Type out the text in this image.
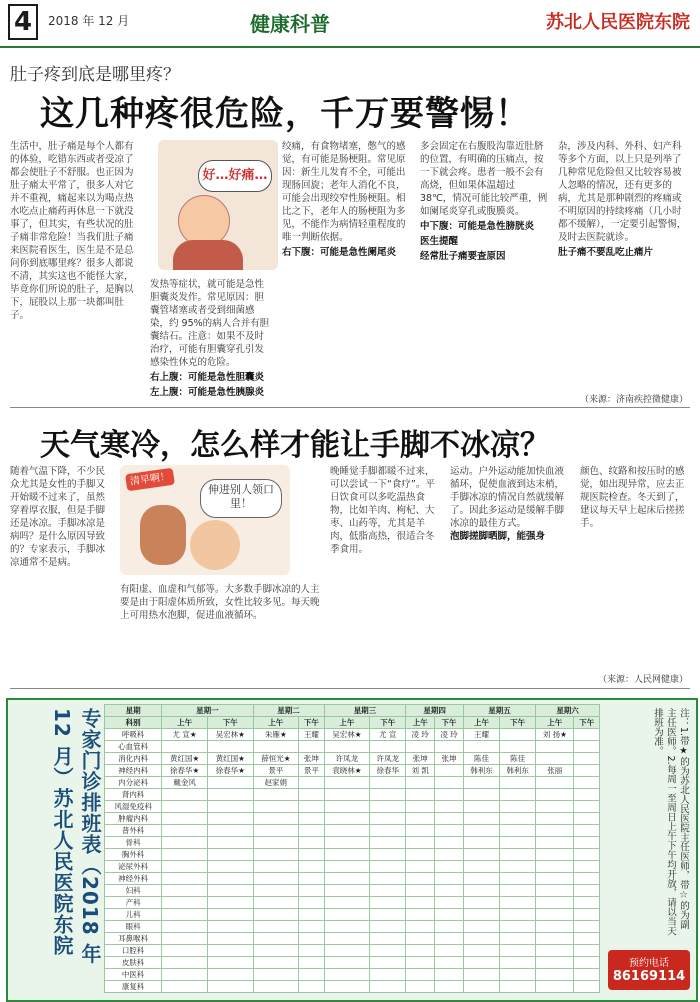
4	2018 年 12 月	健康科普	苏北人民医院东院
肚子疼到底是哪里疼？
这几种疼很危险，千万要警惕！
生活中，肚子痛是每个人都有的体验，吃错东西或者受凉了都会使肚子不舒服。也正因为肚子痛太平常了，很多人对它并不重视，痛起来以为喝点热水吃点止痛药再休息一下就没事了，但其实，有些状况的肚子痛非常危险！当我们肚子痛来医院看医生，医生是不是总问你到底哪里疼？很多人都说不清，其实这也不能怪大家，毕竟你们所说的肚子，是胸以下，屁股以上那一块都叫肚子。
发热等症状，就可能是急性胆囊炎发作。常见原因：胆囊管堵塞或者受到细菌感染，约 95%的病人合并有胆囊结石。注意：如果不及时治疗，可能有胆囊穿孔引发感染性休克的危险。
右上腹：可能是急性胆囊炎
左上腹：可能是急性胰腺炎
好…好痛…
绞痛，有食物堵塞，憋气的感觉，有可能是肠梗阻。常见原因：新生儿发育不全，可能出现肠回旋；老年人消化不良，可能会出现绞窄性肠梗阻。相比之下，老年人的肠梗阻为多见，不能作为病情轻重程度的唯一判断依据。
右下腹：可能是急性阑尾炎
多会固定在右腹股沟靠近肚脐的位置，有明确的压痛点，按一下就会疼。患者一般不会有高烧，但如果体温超过 38℃，情况可能比较严重，例如阑尾炎穿孔或腹膜炎。
中下腹：可能是急性膀胱炎
医生提醒
经常肚子痛要查原因
杂，涉及内科、外科、妇产科等多个方面，以上只是列举了几种常见危险但又比较容易被人忽略的情况，还有更多的病，尤其是那种剧烈的疼痛或不明原因的持续疼痛（几小时都不缓解），一定要引起警惕，及时去医院就诊。
肚子痛不要乱吃止痛片
（来源：济南疾控微健康）
天气寒冷，怎么样才能让手脚不冰凉？
随着气温下降，不少民众尤其是女性的手脚又开始暖不过来了，虽然穿着厚衣服，但是手脚还是冰凉。手脚冰凉是病吗？是什么原因导致的？专家表示，手脚冰凉通常不是病。
清早啊！
伸进别人领口里！
有阳虚、血虚和气郁等。大多数手脚冰凉的人主要是由于阳虚体质所致，女性比较多见。每天晚上可用热水泡脚，促进血液循环。
晚睡觉手脚都暖不过来，可以尝试一下“食疗”。平日饮食可以多吃温热食物，比如羊肉、枸杞、大枣、山药等，尤其是羊肉，低脂高热，很适合冬季食用。
运动。户外运动能加快血液循环，促使血液到达末梢，手脚冰凉的情况自然就缓解了。因此多运动是缓解手脚冰凉的最佳方式。
泡脚搓脚晒脚，能强身
颜色、纹路和按压时的感觉，如出现异常，应去正规医院检查。冬天到了，建议每天早上起床后搓搓手。
（来源：人民网健康）
专家门诊排班表（2018 年 12 月）苏北人民医院东院	星期	星期一		星期二		星期三		星期四		星期五		星期六	
科别	上午	下午	上午	下午	上午	下午	上午	下午	上午	下午	上午	下午
呼吸科	尤 宣★	吴宏林★	朱雁★	王耀	吴宏林★	尤 宣	凌 玲	凌 玲	王耀		刘 扬★	
心血管科												
消化内科	黄红国★	黄红国★	薛恒光★	张坤	许凤龙	许凤龙	张坤	张坤	陈佳	陈佳		
神经内科	徐春华★	徐春华★	景平	景平	袁晓林★	徐春华	刘 凯		韩利东	韩利东	张丽	
内分泌科	戴金风		赵家娟									
肾内科												
风湿免疫科												
肿瘤内科												
普外科												
骨科												
胸外科												
泌尿外科												
神经外科												
妇科												
产科												
儿科												
眼科												
耳鼻喉科												
口腔科												
皮肤科												
中医科												
康复科												
注：1.带★的为苏北人民医院主任医师，带☆的为副主任医师。2.每周一至周日上午下午均开放，请以当天排班为准。
预约电话
86169114
